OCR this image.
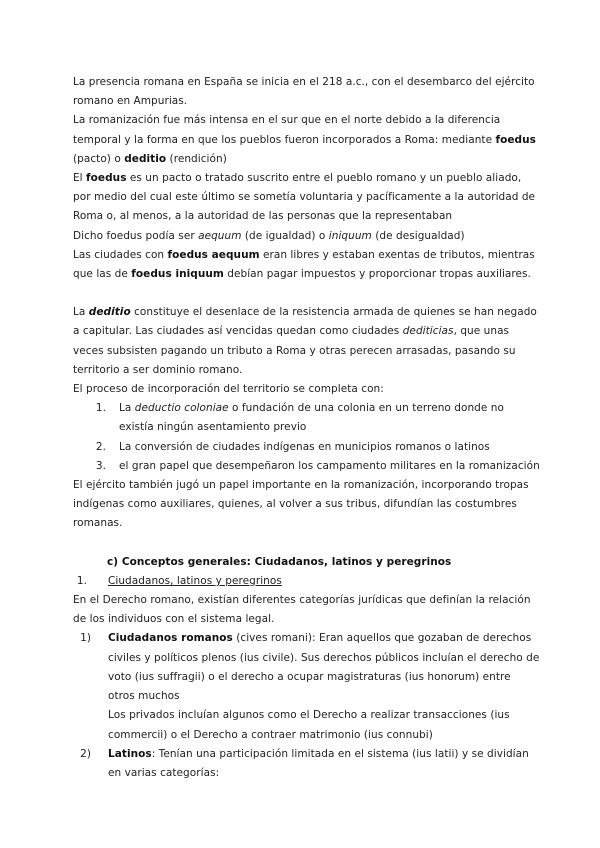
La presencia romana en España se inicia en el 218 a.c., con el desembarco del ejército romano en Ampurias.

La romanización fue más intensa en el sur que en el norte debido a la diferencia temporal y la forma en que los pueblos fueron incorporados a Roma: mediante foedus (pacto) o deditio (rendición)

El foedus es un pacto o tratado suscrito entre el pueblo romano y un pueblo aliado, por medio del cual este último se sometía voluntaria y pacíficamente a la autoridad de Roma o, al menos, a la autoridad de las personas que la representaban

Dicho foedus podía ser aequum (de igualdad) o iniquum (de desigualdad)

Las ciudades con foedus aequum eran libres y estaban exentas de tributos, mientras que las de foedus iniquum debían pagar impuestos y proporcionar tropas auxiliares.

La deditio constituye el desenlace de la resistencia armada de quienes se han negado a capitular. Las ciudades así vencidas quedan como ciudades dediticias, que unas veces subsisten pagando un tributo a Roma y otras perecen arrasadas, pasando su territorio a ser dominio romano.

El proceso de incorporación del territorio se completa con:

1.	La deductio coloniae o fundación de una colonia en un terreno donde no existía ningún asentamiento previo
2.	La conversión de ciudades indígenas en municipios romanos o latinos
3.	el gran papel que desempeñaron los campamento militares en la romanización

El ejército también jugó un papel importante en la romanización, incorporando tropas indígenas como auxiliares, quienes, al volver a sus tribus, difundían las costumbres romanas.

c) Conceptos generales: Ciudadanos, latinos y peregrinos

1.	Ciudadanos, latinos y peregrinos

En el Derecho romano, existían diferentes categorías jurídicas que definían la relación de los individuos con el sistema legal.

1)	Ciudadanos romanos (cives romani): Eran aquellos que gozaban de derechos civiles y políticos plenos (ius civile). Sus derechos públicos incluían el derecho de voto (ius suffragii) o el derecho a ocupar magistraturas (ius honorum) entre otros muchos
Los privados incluían algunos como el Derecho a realizar transacciones (ius commercii) o el Derecho a contraer matrimonio (ius connubi)
2)	Latinos: Tenían una participación limitada en el sistema (ius latii) y se dividían en varias categorías:
